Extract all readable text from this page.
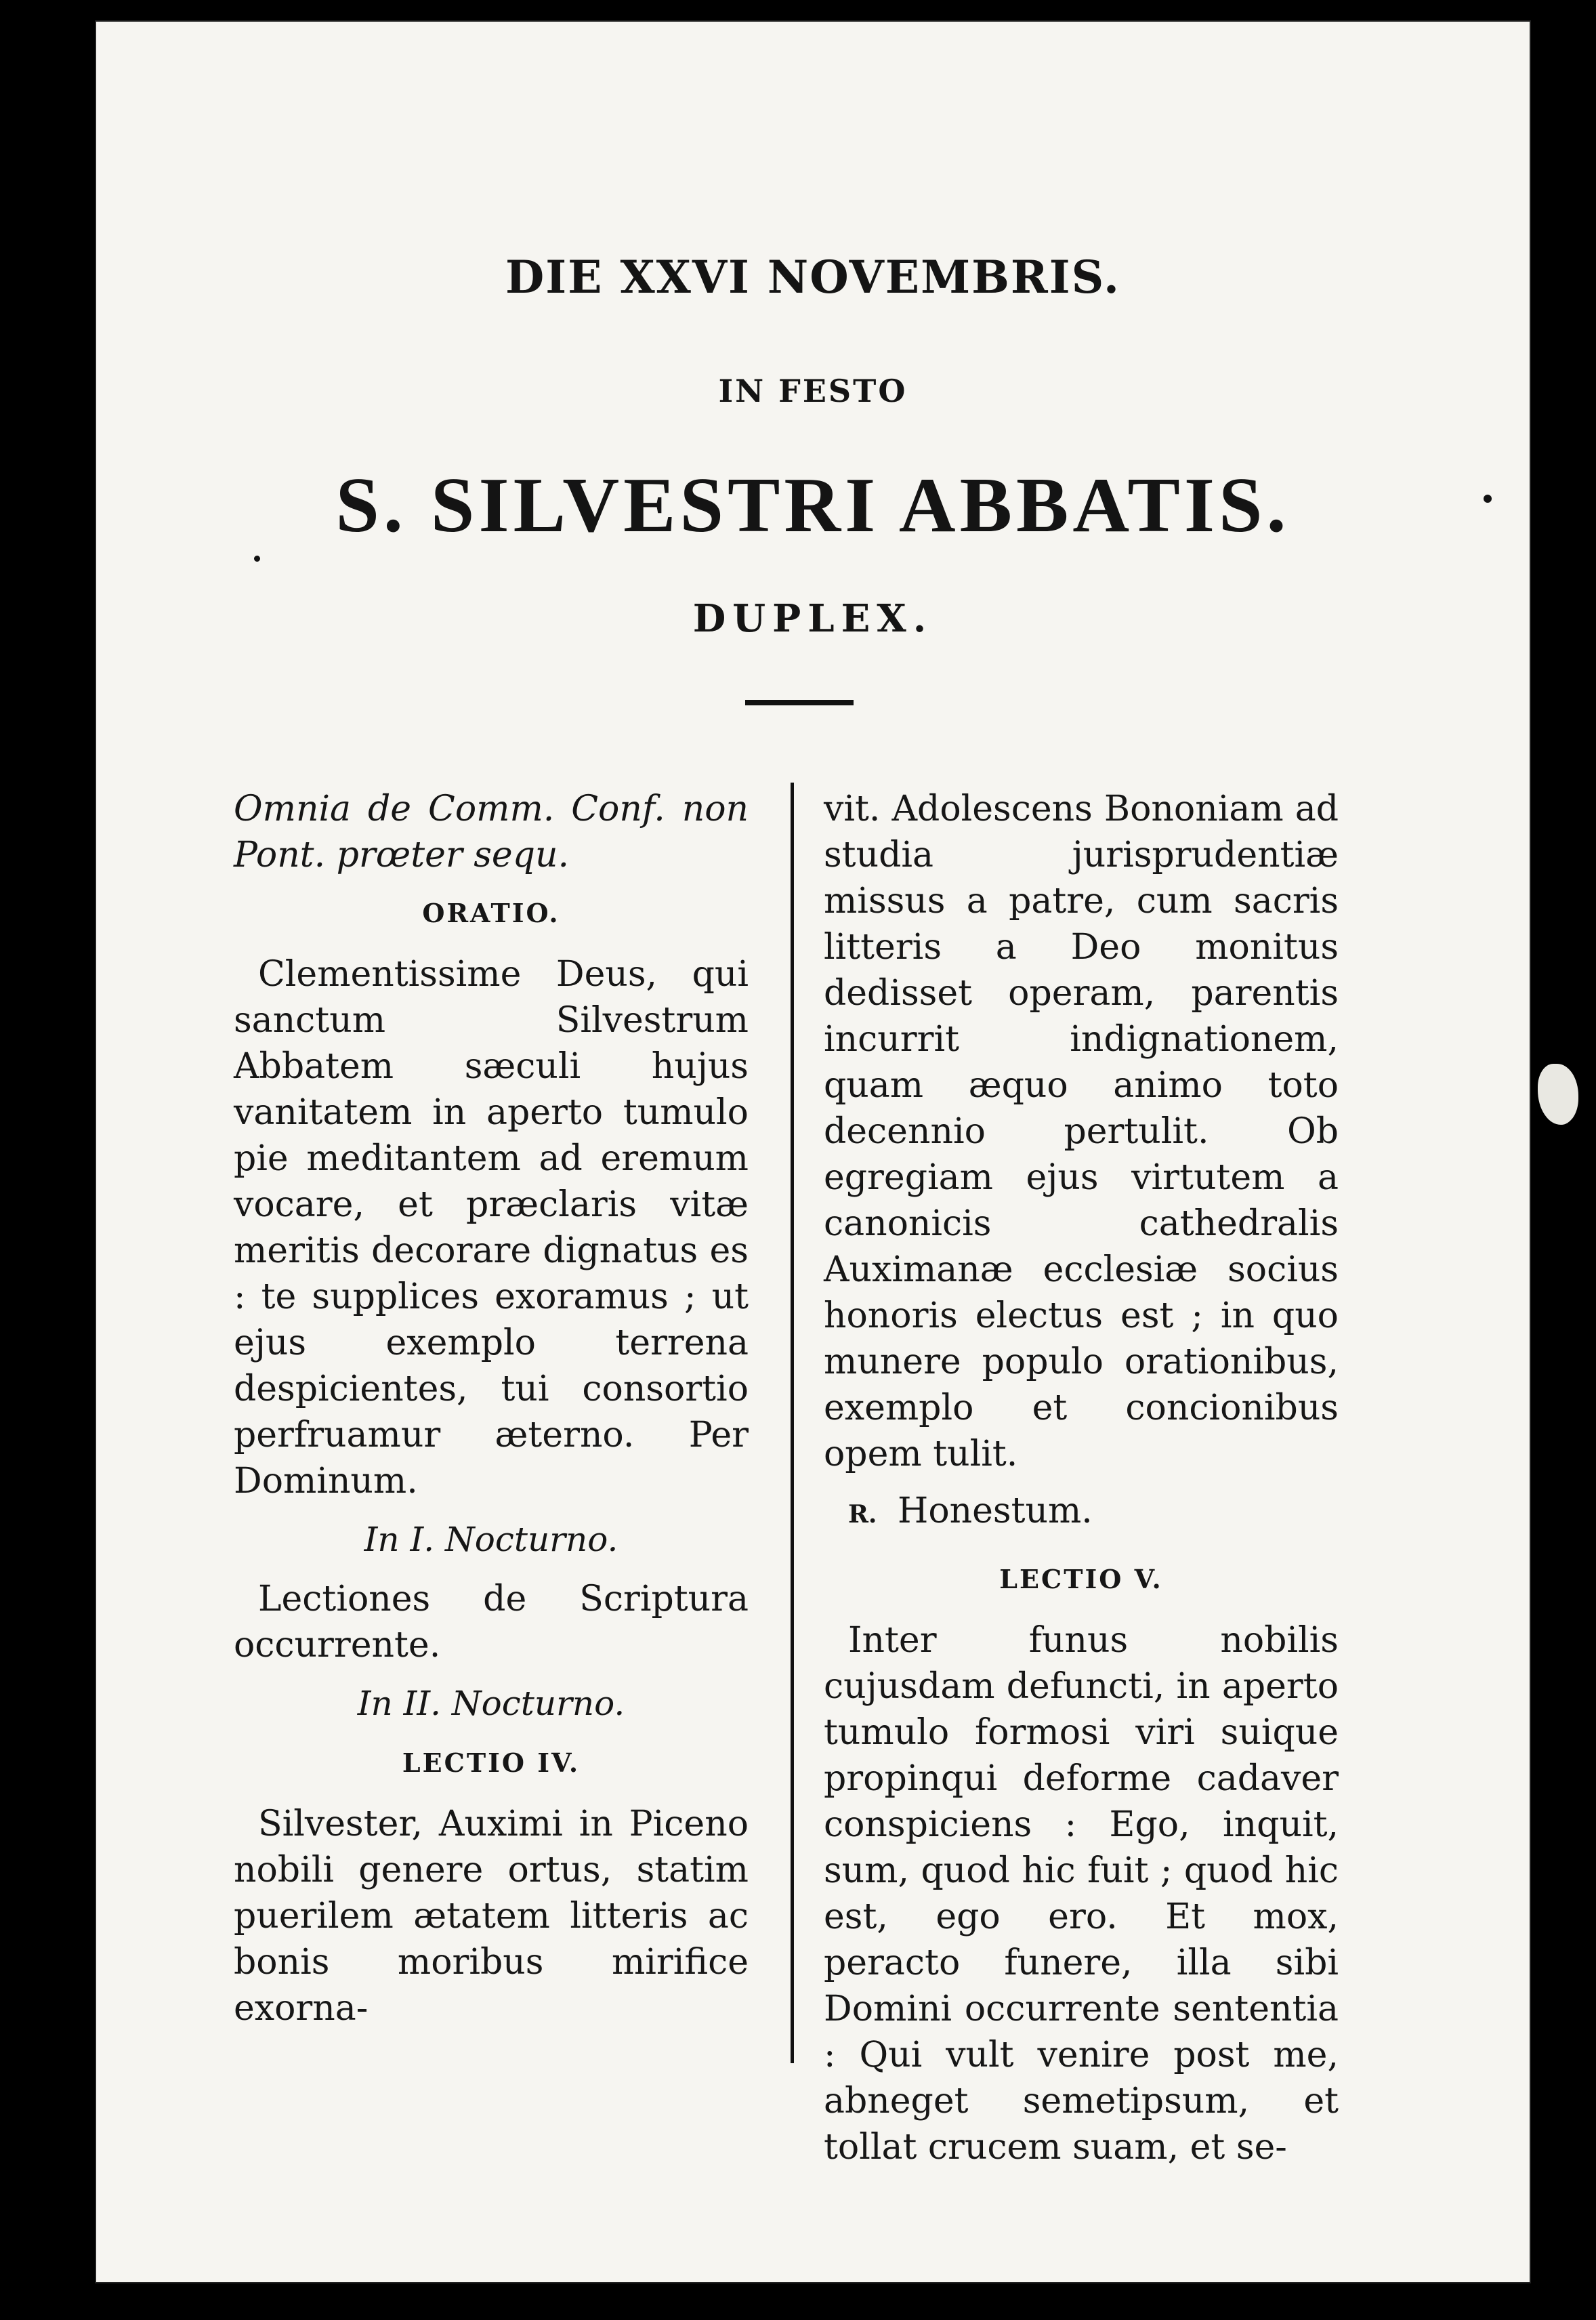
DIE XXVI NOVEMBRIS.
IN FESTO
S. SILVESTRI ABBATIS.
DUPLEX.

Omnia de Comm. Conf. non Pont. prœter sequ.

ORATIO.

Clementissime Deus, qui sanctum Silvestrum Abbatem sæculi hujus vanitatem in aperto tumulo pie meditantem ad eremum vocare, et præclaris vitæ meritis decorare dignatus es : te supplices exoramus ; ut ejus exemplo terrena despicientes, tui consortio perfruamur æterno. Per Dominum.

In I. Nocturno.

Lectiones de Scriptura occurrente.

In II. Nocturno.
LECTIO IV.

Silvester, Auximi in Piceno nobili genere ortus, statim puerilem ætatem litteris ac bonis moribus mirifice exorna-

vit. Adolescens Bononiam ad studia jurisprudentiæ missus a patre, cum sacris litteris a Deo monitus dedisset operam, parentis incurrit indignationem, quam æquo animo toto decennio pertulit. Ob egregiam ejus virtutem a canonicis cathedralis Auximanæ ecclesiæ socius honoris electus est ; in quo munere populo orationibus, exemplo et concionibus opem tulit.

R. Honestum.
LECTIO V.

Inter funus nobilis cujusdam defuncti, in aperto tumulo formosi viri suique propinqui deforme cadaver conspiciens : Ego, inquit, sum, quod hic fuit ; quod hic est, ego ero. Et mox, peracto funere, illa sibi Domini occurrente sententia : Qui vult venire post me, abneget semetipsum, et tollat crucem suam, et se-
